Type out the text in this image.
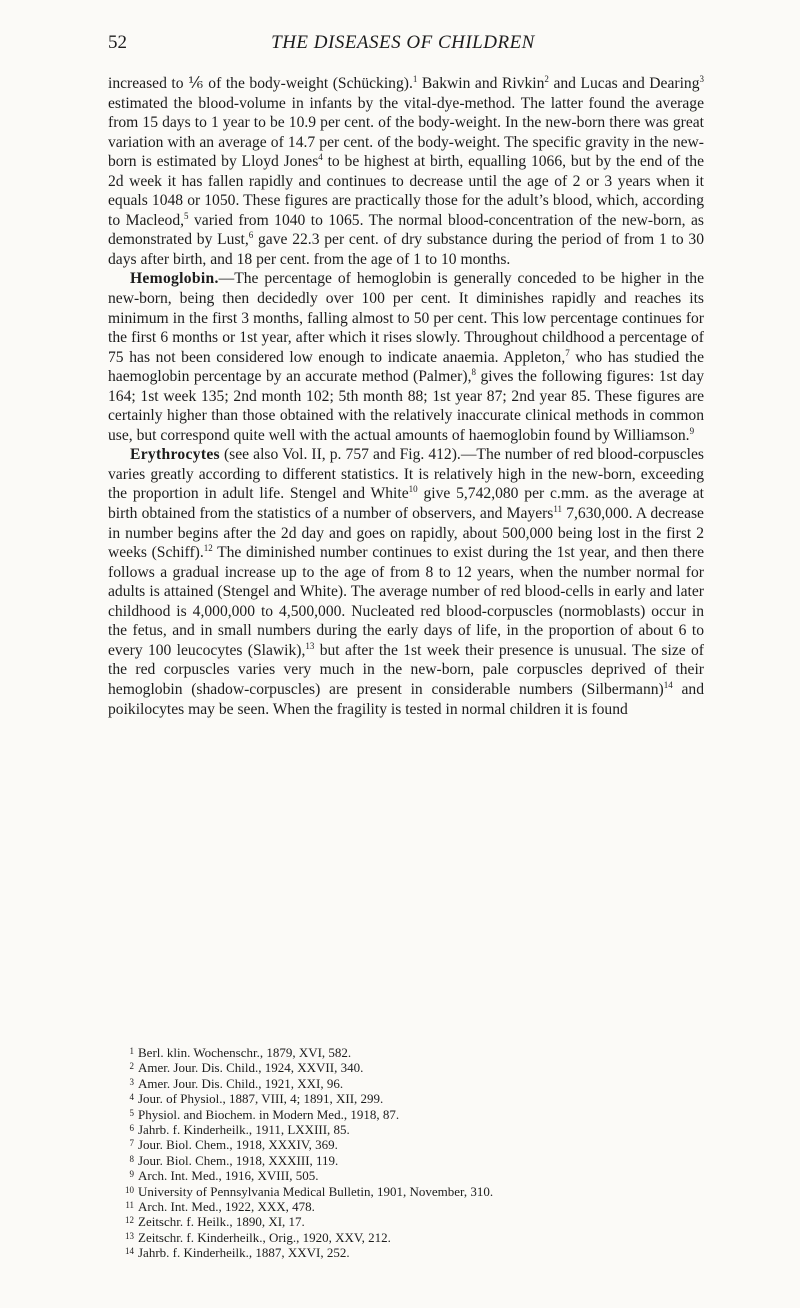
52	THE DISEASES OF CHILDREN

increased to ⅙ of the body-weight (Schücking).$^1$ Bakwin and Rivkin$^2$ and Lucas and Dearing$^3$ estimated the blood-volume in infants by the vital-dye-method. The latter found the average from 15 days to 1 year to be 10.9 per cent. of the body-weight. In the new-born there was great variation with an average of 14.7 per cent. of the body-weight. The specific gravity in the new-born is estimated by Lloyd Jones$^4$ to be highest at birth, equalling 1066, but by the end of the 2d week it has fallen rapidly and continues to decrease until the age of 2 or 3 years when it equals 1048 or 1050. These figures are practically those for the adult’s blood, which, according to Macleod,$^5$ varied from 1040 to 1065. The normal blood-concentration of the new-born, as demonstrated by Lust,$^6$ gave 22.3 per cent. of dry substance during the period of from 1 to 30 days after birth, and 18 per cent. from the age of 1 to 10 months.

Hemoglobin.—The percentage of hemoglobin is generally conceded to be higher in the new-born, being then decidedly over 100 per cent. It diminishes rapidly and reaches its minimum in the first 3 months, falling almost to 50 per cent. This low percentage continues for the first 6 months or 1st year, after which it rises slowly. Throughout childhood a percentage of 75 has not been considered low enough to indicate anaemia. Appleton,$^7$ who has studied the haemoglobin percentage by an accurate method (Palmer),$^8$ gives the following figures: 1st day 164; 1st week 135; 2nd month 102; 5th month 88; 1st year 87; 2nd year 85. These figures are certainly higher than those obtained with the relatively inaccurate clinical methods in common use, but correspond quite well with the actual amounts of haemoglobin found by Williamson.$^9$

Erythrocytes (see also Vol. II, p. 757 and Fig. 412).—The number of red blood-corpuscles varies greatly according to different statistics. It is relatively high in the new-born, exceeding the proportion in adult life. Stengel and White$^{10}$ give 5,742,080 per c.mm. as the average at birth obtained from the statistics of a number of observers, and Mayers$^{11}$ 7,630,000. A decrease in number begins after the 2d day and goes on rapidly, about 500,000 being lost in the first 2 weeks (Schiff).$^{12}$ The diminished number continues to exist during the 1st year, and then there follows a gradual increase up to the age of from 8 to 12 years, when the number normal for adults is attained (Stengel and White). The average number of red blood-cells in early and later childhood is 4,000,000 to 4,500,000. Nucleated red blood-corpuscles (normoblasts) occur in the fetus, and in small numbers during the early days of life, in the proportion of about 6 to every 100 leucocytes (Slawik),$^{13}$ but after the 1st week their presence is unusual. The size of the red corpuscles varies very much in the new-born, pale corpuscles deprived of their hemoglobin (shadow-corpuscles) are present in considerable numbers (Silbermann)$^{14}$ and poikilocytes may be seen. When the fragility is tested in normal children it is found

1 Berl. klin. Wochenschr., 1879, XVI, 582.
2 Amer. Jour. Dis. Child., 1924, XXVII, 340.
3 Amer. Jour. Dis. Child., 1921, XXI, 96.
4 Jour. of Physiol., 1887, VIII, 4; 1891, XII, 299.
5 Physiol. and Biochem. in Modern Med., 1918, 87.
6 Jahrb. f. Kinderheilk., 1911, LXXIII, 85.
7 Jour. Biol. Chem., 1918, XXXIV, 369.
8 Jour. Biol. Chem., 1918, XXXIII, 119.
9 Arch. Int. Med., 1916, XVIII, 505.
10 University of Pennsylvania Medical Bulletin, 1901, November, 310.
11 Arch. Int. Med., 1922, XXX, 478.
12 Zeitschr. f. Heilk., 1890, XI, 17.
13 Zeitschr. f. Kinderheilk., Orig., 1920, XXV, 212.
14 Jahrb. f. Kinderheilk., 1887, XXVI, 252.
